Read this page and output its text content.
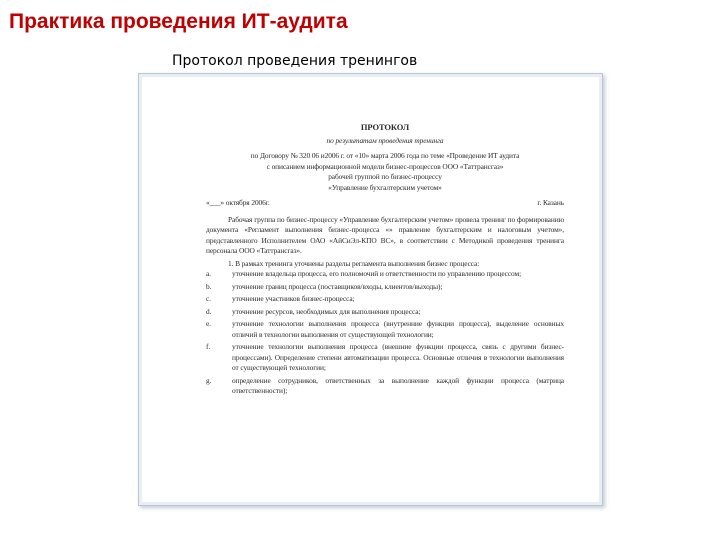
Практика проведения ИТ-аудита
Протокол проведения тренингов
ПРОТОКОЛ
по результатам проведения тренинга
по Договору № 320 06 и2006 г. от «10» марта 2006 года по теме «Проведение ИТ аудита
с описанием информационной модели бизнес-процессов ООО «Таттрансгаз»
рабочей группой по бизнес-процессу
«Управление бухгалтерским учетом»
«___» октября 2006г.	г. Казань
Рабочая группа по бизнес-процессу «Управление бухгалтерским учетом» провела тренинг по формированию документа «Регламент выполнения бизнес-процесса «» правление бухгалтерским и налоговым учетом», представленного Исполнителем ОАО «АйСиЭл-КПО ВС», в соответствии с Методикой проведения тренинга персонала ООО «Таттрансгаз».
1. В рамках тренинга уточнены разделы регламента выполнения бизнес процесса:
a.	уточнение владельца процесса, его полномочий и ответственности по управлению процессом;
b.	уточнение границ процесса (поставщиков/входы, клиентов/выходы);
c.	уточнение участников бизнес-процесса;
d.	уточнение ресурсов, необходимых для выполнения процесса;
e.	уточнение технологии выполнения процесса (внутренние функции процесса), выделение основных отличий в технологии выполнения от существующей технологии;
f.	уточнение технологии выполнения процесса (внешние функции процесса, связь с другими бизнес-процессами). Определение степени автоматизации процесса. Основные отличия в технологии выполнения от существующей технологии;
g.	определение сотрудников, ответственных за выполнение каждой функции процесса (матрица ответственности);
